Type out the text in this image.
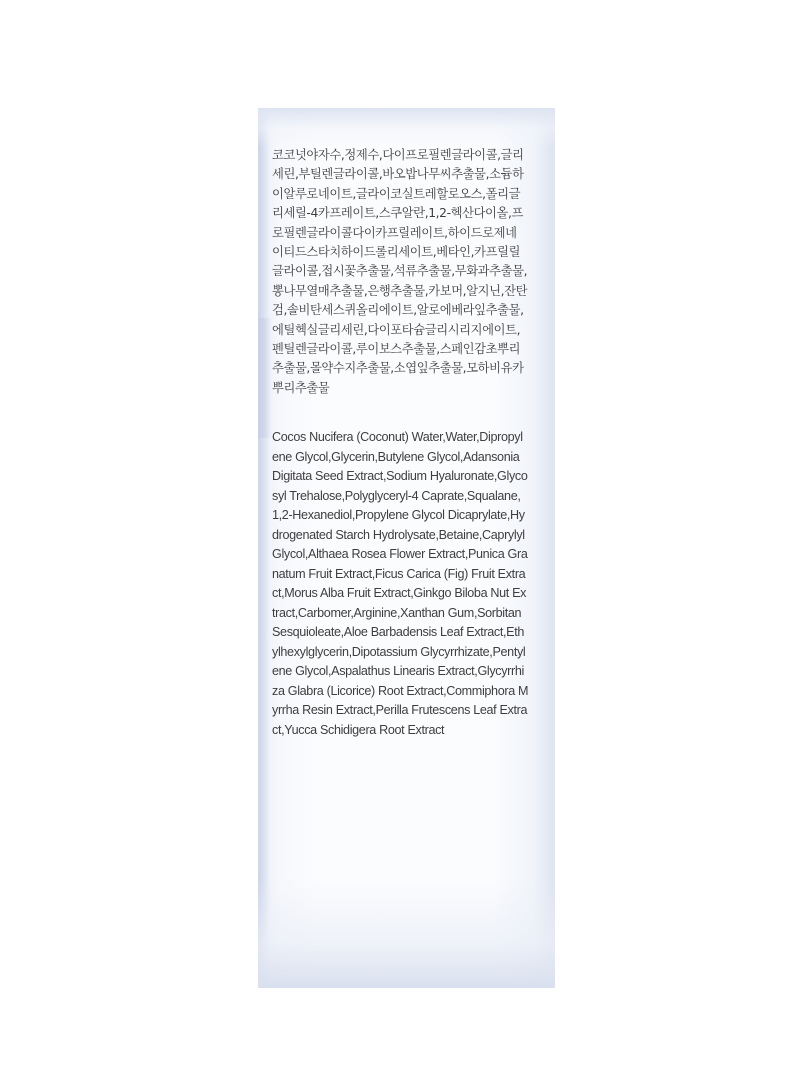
코코넛야자수,정제수,다이프로필렌글라이콜,글리세린,부틸렌글라이콜,바오밥나무씨추출물,소듐하이알루로네이트,글라이코실트레할로오스,폴리글리세릴-4카프레이트,스쿠알란,1,2-헥산다이올,프로필렌글라이콜다이카프릴레이트,하이드로제네이티드스타치하이드롤리세이트,베타인,카프릴릴글라이콜,접시꽃추출물,석류추출물,무화과추출물,뽕나무열매추출물,은행추출물,카보머,알지닌,잔탄검,솔비탄세스퀴올리에이트,알로에베라잎추출물,에틸헥실글리세린,다이포타슘글리시리지에이트,펜틸렌글라이콜,루이보스추출물,스페인감초뿌리추출물,몰약수지추출물,소엽잎추출물,모하비유카뿌리추출물

Cocos Nucifera (Coconut) Water,Water,Dipropylene Glycol,Glycerin,Butylene Glycol,Adansonia Digitata Seed Extract,Sodium Hyaluronate,Glycosyl Trehalose,Polyglyceryl-4 Caprate,Squalane,1,2-Hexanediol,Propylene Glycol Dicaprylate,Hydrogenated Starch Hydrolysate,Betaine,Caprylyl Glycol,Althaea Rosea Flower Extract,Punica Granatum Fruit Extract,Ficus Carica (Fig) Fruit Extract,Morus Alba Fruit Extract,Ginkgo Biloba Nut Extract,Carbomer,Arginine,Xanthan Gum,Sorbitan Sesquioleate,Aloe Barbadensis Leaf Extract,Ethylhexylglycerin,Dipotassium Glycyrrhizate,Pentylene Glycol,Aspalathus Linearis Extract,Glycyrrhiza Glabra (Licorice) Root Extract,Commiphora Myrrha Resin Extract,Perilla Frutescens Leaf Extract,Yucca Schidigera Root Extract
